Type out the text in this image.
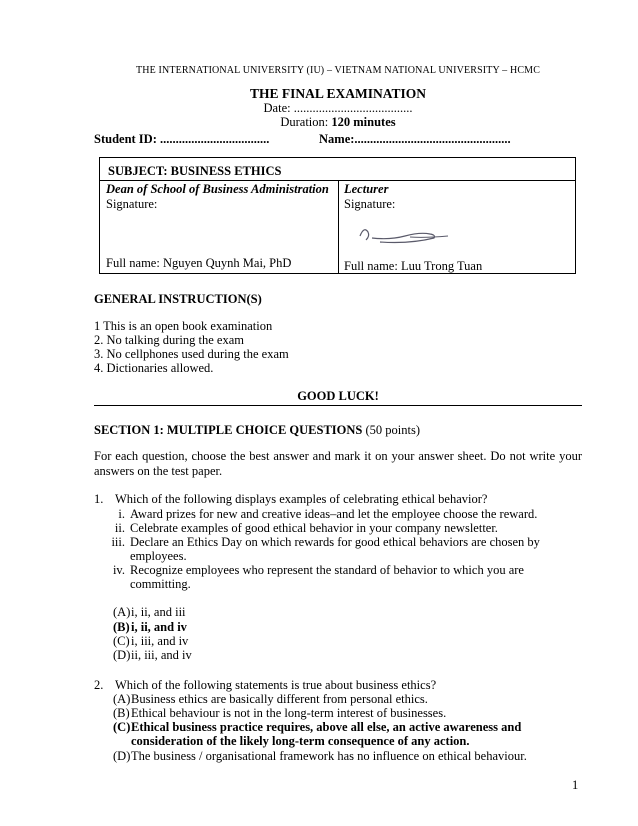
THE INTERNATIONAL UNIVERSITY (IU) – VIETNAM NATIONAL UNIVERSITY – HCMC
THE FINAL EXAMINATION
Date: ......................................
Duration: 120 minutes
Student ID: ...................................	Name:..................................................
SUBJECT: BUSINESS ETHICS
Dean of School of Business Administration
Signature:
Lecturer
Signature:
Full name: Nguyen Quynh Mai, PhD	Full name: Luu Trong Tuan
GENERAL INSTRUCTION(S)
1 This is an open book examination
2. No talking during the exam
3. No cellphones used during the exam
4. Dictionaries allowed.
GOOD LUCK!
SECTION 1: MULTIPLE CHOICE QUESTIONS (50 points)
For each question, choose the best answer and mark it on your answer sheet. Do not write your answers on the test paper.
1. Which of the following displays examples of celebrating ethical behavior?
i. Award prizes for new and creative ideas–and let the employee choose the reward.
ii. Celebrate examples of good ethical behavior in your company newsletter.
iii. Declare an Ethics Day on which rewards for good ethical behaviors are chosen by employees.
iv. Recognize employees who represent the standard of behavior to which you are committing.
(A)i, ii, and iii
(B)i, ii, and iv
(C)i, iii, and iv
(D)ii, iii, and iv
2. Which of the following statements is true about business ethics?
(A)Business ethics are basically different from personal ethics.
(B)Ethical behaviour is not in the long-term interest of businesses.
(C) Ethical business practice requires, above all else, an active awareness and consideration of the likely long-term consequence of any action.
(D)The business / organisational framework has no influence on ethical behaviour.
1
